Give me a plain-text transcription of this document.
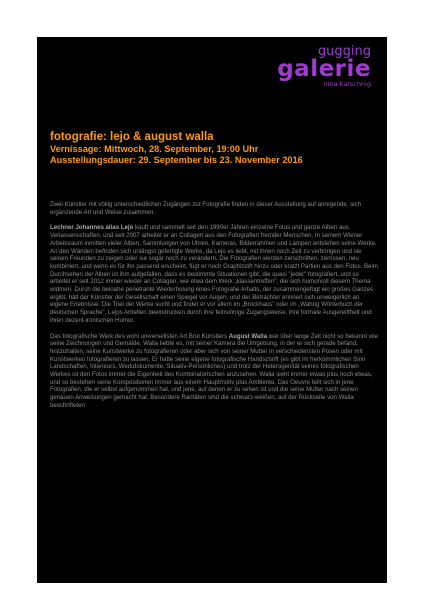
gugging
galerie
nina katschnig
fotografie: lejo & august walla
Vernissage: Mittwoch, 28. September, 19:00 Uhr
Ausstellungsdauer: 29. September bis 23. November 2016

Zwei Künstler mit völlig unterschiedlichen Zugängen zur Fotografie finden in dieser Ausstellung auf anregende, sich ergänzende Art und Weise zusammen.

Lechner Johannes alias Lejo kauft und sammelt seit den 1990er Jahren einzelne Fotos und ganze Alben aus Verlassenschaften, und seit 2007 arbeitet er an Collagen aus den Fotografien fremder Menschen. In seinem Wiener Arbeitsraum inmitten vieler Alben, Sammlungen von Uhren, Kameras, Bilderrahmen und Lampen entstehen seine Werke. An den Wänden befinden sich unlängst gefertigte Werke, da Lejo es liebt, mit ihnen noch Zeit zu verbringen und sie seinen Freunden zu zeigen oder sie sogar noch zu verändern. Die Fotografien werden zerschnitten, zerrissen, neu kombiniert, und wenn es für ihn passend erscheint, fügt er noch Graphitstift hinzu oder kratzt Partien aus den Fotos. Beim Durchsehen der Alben ist ihm aufgefallen, dass es bestimmte Situationen gibt, die quasi "jeder" fotografiert, und so arbeitet er seit 2012 immer wieder an Collagen, wie etwa dem Werk „klassentreffen", die sich humorvoll diesem Thema widmen. Durch die beinahe penetrante Wiederholung eines Fotografie-Inhalts, der zusammengefügt ein großes Ganzes ergibt, hält der Künstler der Gesellschaft einen Spiegel vor Augen, und der Betrachter erinnert sich unweigerlich an eigene Erlebnisse. Die Titel der Werke sucht und findet er vor allem im „Brockhaus" oder im „Wahrig Wörterbuch der deutschen Sprache". Lejos Arbeiten beeindrucken durch ihre feinsinnige Zugangsweise, ihre formale Ausgereiftheit und ihren dezent-ironischen Humor.

Das fotografische Werk des wohl universellsten Art Brut Künstlers August Walla war über lange Zeit nicht so bekannt wie seine Zeichnungen und Gemälde. Walla liebte es, mit seiner Kamera die Umgebung, in der er sich gerade befand, festzuhalten, seine Kunstwerke zu fotografieren oder aber sich von seiner Mutter in verschiedensten Posen oder mit Kunstwerken fotografieren zu lassen. Er hatte seine eigene fotografische Handschrift (es gibt im herkömmlichen Sinn Landschaften, Interieurs, Werkdokumente, Situativ-Persönliches) und trotz der Heterogenität seines fotografischen Werkes ist den Fotos immer die Eigenheit des Kombinatorischen anzusehen. Walla sieht immer etwas plus noch etwas, und so bestehen seine Kompositionen immer aus einem Hauptmotiv plus Ambiente. Das Oeuvre teilt sich in jene Fotografien, die er selbst aufgenommen hat, und jene, auf denen er zu sehen ist und die seine Mutter nach seinen genauen Anweisungen gemacht hat. Besondere Raritäten sind die schwarz-weißen, auf der Rückseite von Walla beschrifteten
